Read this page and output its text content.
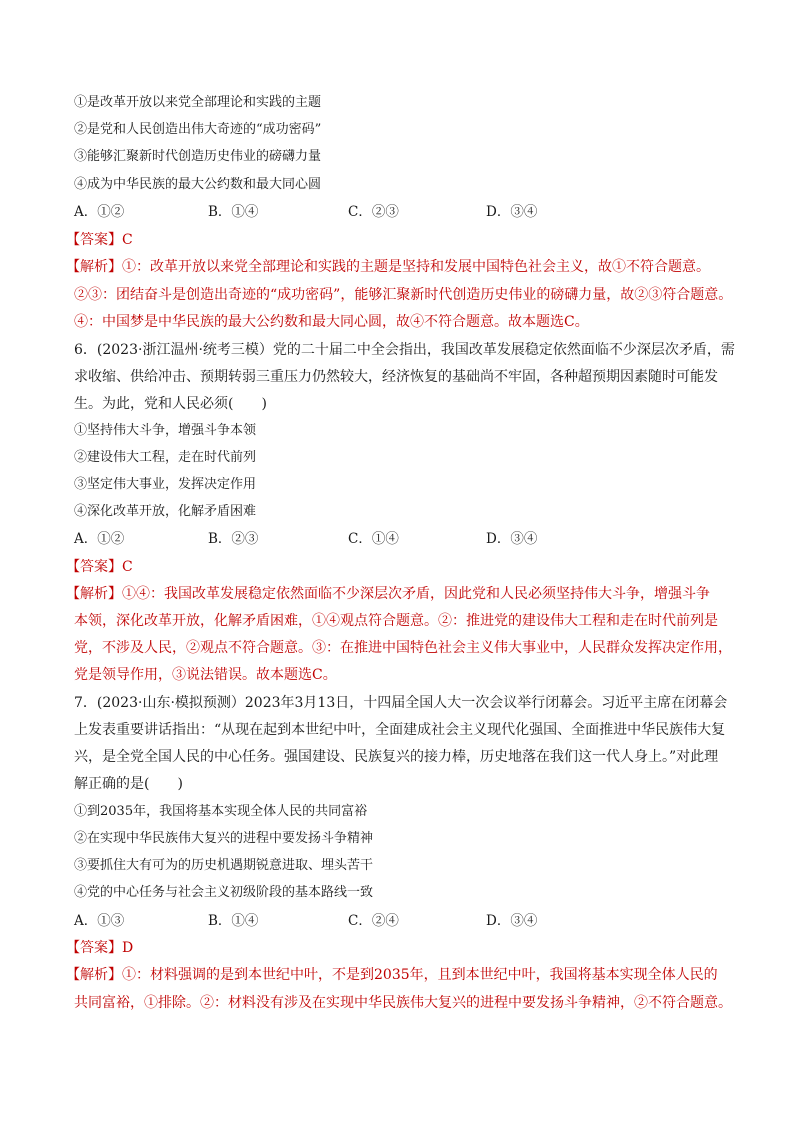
①是改革开放以来党全部理论和实践的主题
②是党和人民创造出伟大奇迹的“成功密码”
③能够汇聚新时代创造历史伟业的磅礴力量
④成为中华民族的最大公约数和最大同心圆
A．①②	B．①④	C．②③	D．③④
【答案】C
【解析】①：改革开放以来党全部理论和实践的主题是坚持和发展中国特色社会主义，故①不符合题意。
②③：团结奋斗是创造出奇迹的“成功密码”，能够汇聚新时代创造历史伟业的磅礴力量，故②③符合题意。
④：中国梦是中华民族的最大公约数和最大同心圆，故④不符合题意。故本题选C。
6．(2023·浙江温州·统考三模）党的二十届二中全会指出，我国改革发展稳定依然面临不少深层次矛盾，需
求收缩、供给冲击、预期转弱三重压力仍然较大，经济恢复的基础尚不牢固，各种超预期因素随时可能发
生。为此，党和人民必须(　　)
①坚持伟大斗争，增强斗争本领
②建设伟大工程，走在时代前列
③坚定伟大事业，发挥决定作用
④深化改革开放，化解矛盾困难
A．①②	B．②③	C．①④	D．③④
【答案】C
【解析】①④：我国改革发展稳定依然面临不少深层次矛盾，因此党和人民必须坚持伟大斗争，增强斗争
本领，深化改革开放，化解矛盾困难，①④观点符合题意。②：推进党的建设伟大工程和走在时代前列是
党，不涉及人民，②观点不符合题意。③：在推进中国特色社会主义伟大事业中，人民群众发挥决定作用，
党是领导作用，③说法错误。故本题选C。
7．(2023·山东·模拟预测）2023年3月13日，十四届全国人大一次会议举行闭幕会。习近平主席在闭幕会
上发表重要讲话指出：“从现在起到本世纪中叶，全面建成社会主义现代化强国、全面推进中华民族伟大复
兴，是全党全国人民的中心任务。强国建设、民族复兴的接力棒，历史地落在我们这一代人身上。”对此理
解正确的是(　　)
①到2035年，我国将基本实现全体人民的共同富裕
②在实现中华民族伟大复兴的进程中要发扬斗争精神
③要抓住大有可为的历史机遇期锐意进取、埋头苦干
④党的中心任务与社会主义初级阶段的基本路线一致
A．①③	B．①④	C．②④	D．③④
【答案】D
【解析】①：材料强调的是到本世纪中叶，不是到2035年，且到本世纪中叶，我国将基本实现全体人民的
共同富裕，①排除。②：材料没有涉及在实现中华民族伟大复兴的进程中要发扬斗争精神，②不符合题意。
